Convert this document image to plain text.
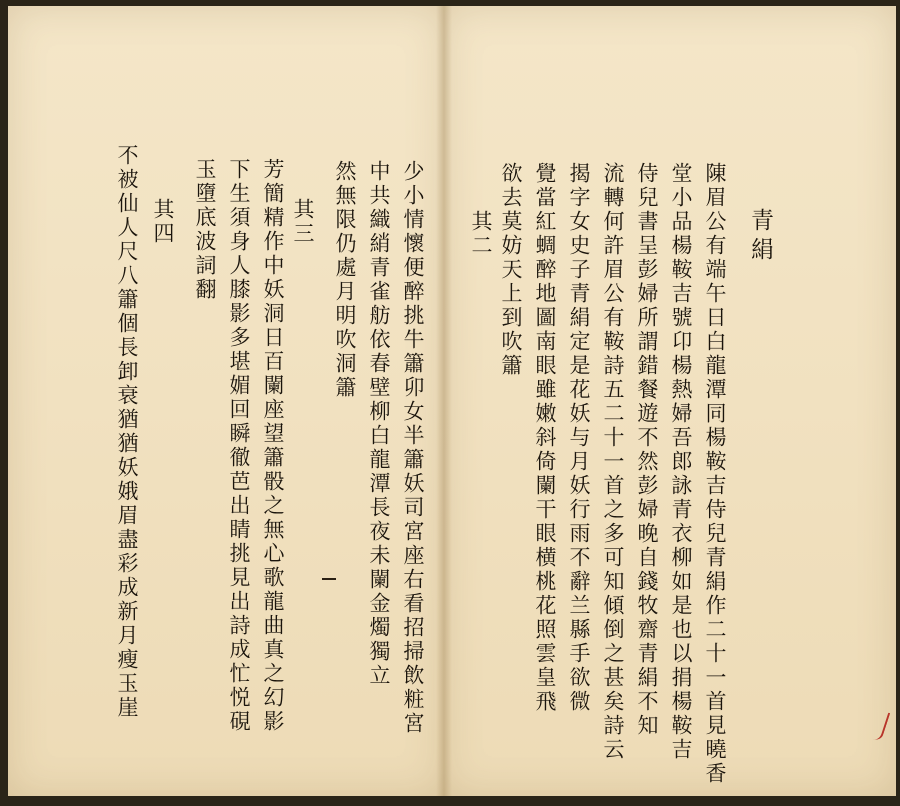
青絹
陳眉公有端午日白龍潭同楊鞍吉侍兒青絹作二十一首見曉香
堂小品楊鞍吉號卬楊熱婦吾郎詠青衣柳如是也以捐楊鞍吉
侍兒書呈彭婦所謂錯餐遊不然彭婦晚自錢牧齋青絹不知
流轉何許眉公有鞍詩五二十一首之多可知傾倒之甚矣詩云
揭字女史子青絹定是花妖与月妖行雨不辭兰縣手欲微
覺當紅蜩醉地圖南眼雖嫩斜倚闌干眼横桃花照雲皇飛
欲去莫妨天上到吹簫
其二
少小情懷便醉挑牛簫卯女半簫妖司宮座右看招掃飲粧宮
中共織綃青雀舫依春壁柳白龍潭長夜未闌金燭獨立
然無限仍處月明吹洞簫
其三
芳簡精作中妖洞日百闌座望簫骰之無心歌龍曲真之幻影
下生須身人膝影多堪媚回瞬徹芭出睛挑見出詩成忙悦硯
玉墮底波詞翻
其四
不被仙人尺八簫個長卸衰猶猶妖娥眉盡彩成新月瘦玉崖
